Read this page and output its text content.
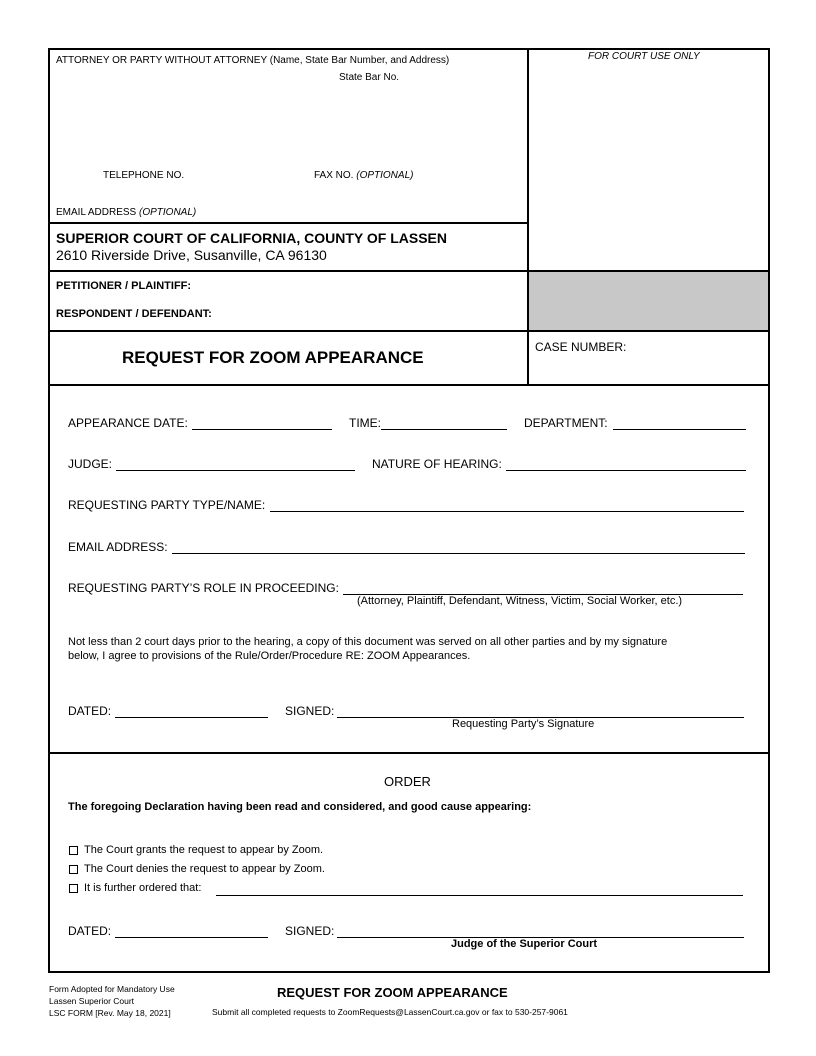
ATTORNEY OR PARTY WITHOUT ATTORNEY (Name, State Bar Number, and Address)
State Bar No.
TELEPHONE NO.	FAX NO. (OPTIONAL)
EMAIL ADDRESS (OPTIONAL)
FOR COURT USE ONLY
SUPERIOR COURT OF CALIFORNIA, COUNTY OF LASSEN
2610 Riverside Drive, Susanville, CA 96130
PETITIONER / PLAINTIFF:
RESPONDENT / DEFENDANT:
REQUEST FOR ZOOM APPEARANCE
CASE NUMBER:
APPEARANCE DATE:	TIME:	DEPARTMENT:
JUDGE:	NATURE OF HEARING:
REQUESTING PARTY TYPE/NAME:
EMAIL ADDRESS:
REQUESTING PARTY’S ROLE IN PROCEEDING:
(Attorney, Plaintiff, Defendant, Witness, Victim, Social Worker, etc.)
Not less than 2 court days prior to the hearing, a copy of this document was served on all other parties and by my signature
below, I agree to provisions of the Rule/Order/Procedure RE: ZOOM Appearances.
DATED:	SIGNED:
Requesting Party’s Signature
ORDER
The foregoing Declaration having been read and considered, and good cause appearing:
The Court grants the request to appear by Zoom.
The Court denies the request to appear by Zoom.
It is further ordered that:
DATED:	SIGNED:
Judge of the Superior Court
Form Adopted for Mandatory Use
Lassen Superior Court
LSC FORM [Rev. May 18, 2021]
REQUEST FOR ZOOM APPEARANCE
Submit all completed requests to ZoomRequests@LassenCourt.ca.gov or fax to 530-257-9061
